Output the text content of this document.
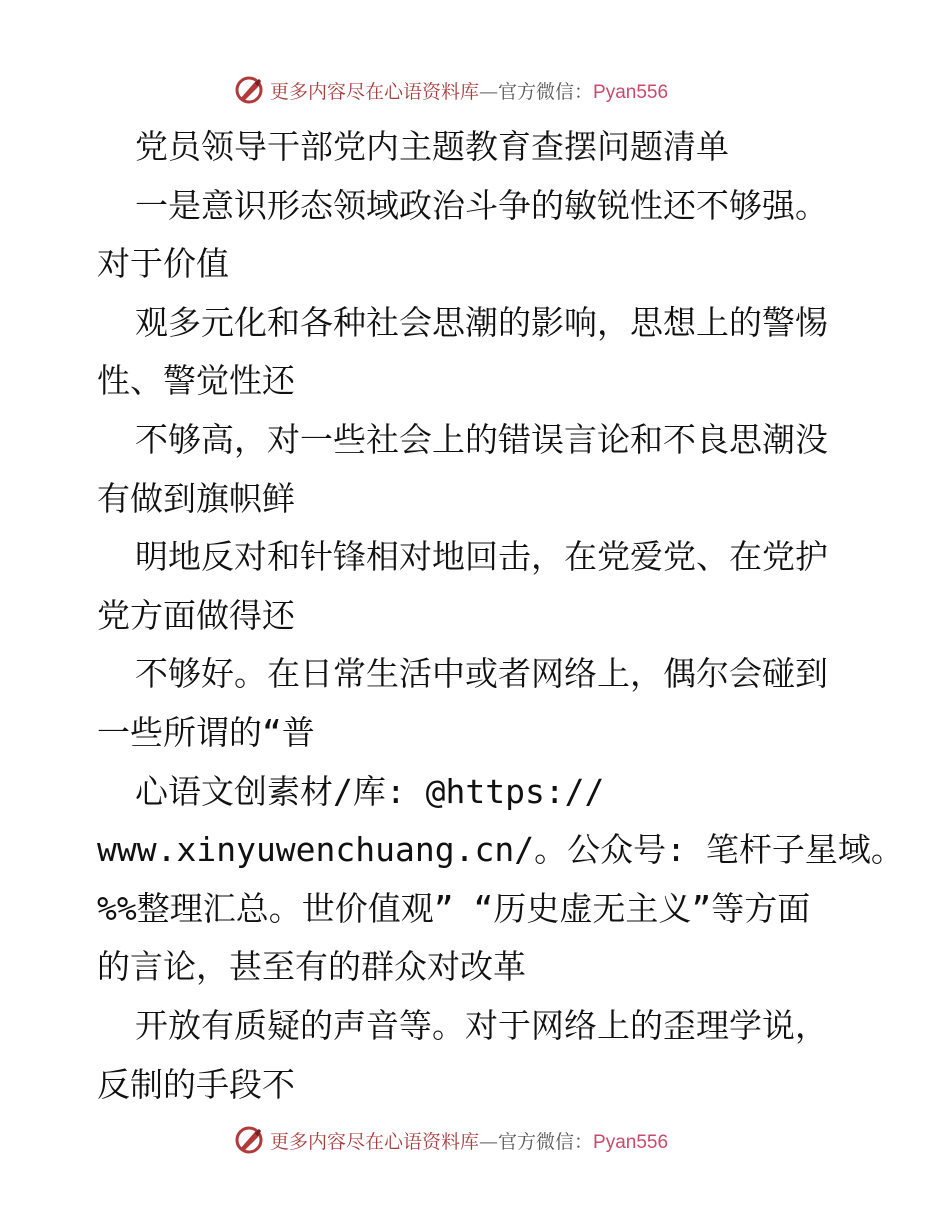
更多内容尽在心语资料库—官方微信：Pyan556
党员领导干部党内主题教育查摆问题清单
一是意识形态领域政治斗争的敏锐性还不够强。
对于价值
观多元化和各种社会思潮的影响，思想上的警惕
性、警觉性还
不够高，对一些社会上的错误言论和不良思潮没
有做到旗帜鲜
明地反对和针锋相对地回击，在党爱党、在党护
党方面做得还
不够好。在日常生活中或者网络上，偶尔会碰到
一些所谓的“普
心语文创素材/库: @https://
www.xinyuwenchuang.cn/。公众号: 笔杆子星域。
%%整理汇总。世价值观” “历史虚无主义”等方面
的言论，甚至有的群众对改革
开放有质疑的声音等。对于网络上的歪理学说，
反制的手段不
更多内容尽在心语资料库—官方微信：Pyan556
